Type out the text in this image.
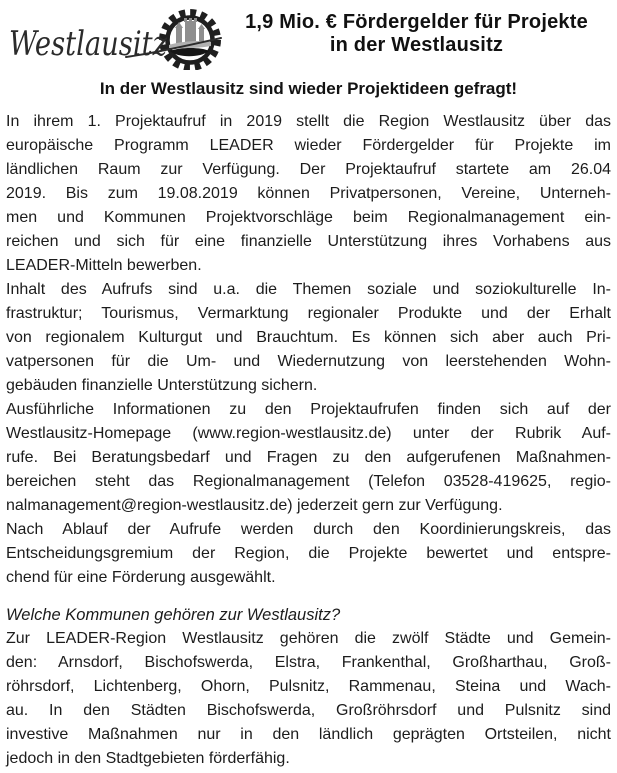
Westlausitz
1,9 Mio. € Fördergelder für Projekte
in der Westlausitz
In der Westlausitz sind wieder Projektideen gefragt!
In ihrem 1. Projektaufruf in 2019 stellt die Region Westlausitz über das
europäische Programm LEADER wieder Fördergelder für Projekte im
ländlichen Raum zur Verfügung. Der Projektaufruf startete am 26.04
2019. Bis zum 19.08.2019 können Privatpersonen, Vereine, Unterneh-
men und Kommunen Projektvorschläge beim Regionalmanagement ein-
reichen und sich für eine finanzielle Unterstützung ihres Vorhabens aus
LEADER-Mitteln bewerben.
Inhalt des Aufrufs sind u.a. die Themen soziale und soziokulturelle In-
frastruktur; Tourismus, Vermarktung regionaler Produkte und der Erhalt
von regionalem Kulturgut und Brauchtum. Es können sich aber auch Pri-
vatpersonen für die Um- und Wiedernutzung von leerstehenden Wohn-
gebäuden finanzielle Unterstützung sichern.
Ausführliche Informationen zu den Projektaufrufen finden sich auf der
Westlausitz-Homepage (www.region-westlausitz.de) unter der Rubrik Auf-
rufe. Bei Beratungsbedarf und Fragen zu den aufgerufenen Maßnahmen-
bereichen steht das Regionalmanagement (Telefon 03528-419625, regio-
nalmanagement@region-westlausitz.de) jederzeit gern zur Verfügung.
Nach Ablauf der Aufrufe werden durch den Koordinierungskreis, das
Entscheidungsgremium der Region, die Projekte bewertet und entspre-
chend für eine Förderung ausgewählt.
Welche Kommunen gehören zur Westlausitz?
Zur LEADER-Region Westlausitz gehören die zwölf Städte und Gemein-
den: Arnsdorf, Bischofswerda, Elstra, Frankenthal, Großharthau, Groß-
röhrsdorf, Lichtenberg, Ohorn, Pulsnitz, Rammenau, Steina und Wach-
au. In den Städten Bischofswerda, Großröhrsdorf und Pulsnitz sind
investive Maßnahmen nur in den ländlich geprägten Ortsteilen, nicht
jedoch in den Stadtgebieten förderfähig.
